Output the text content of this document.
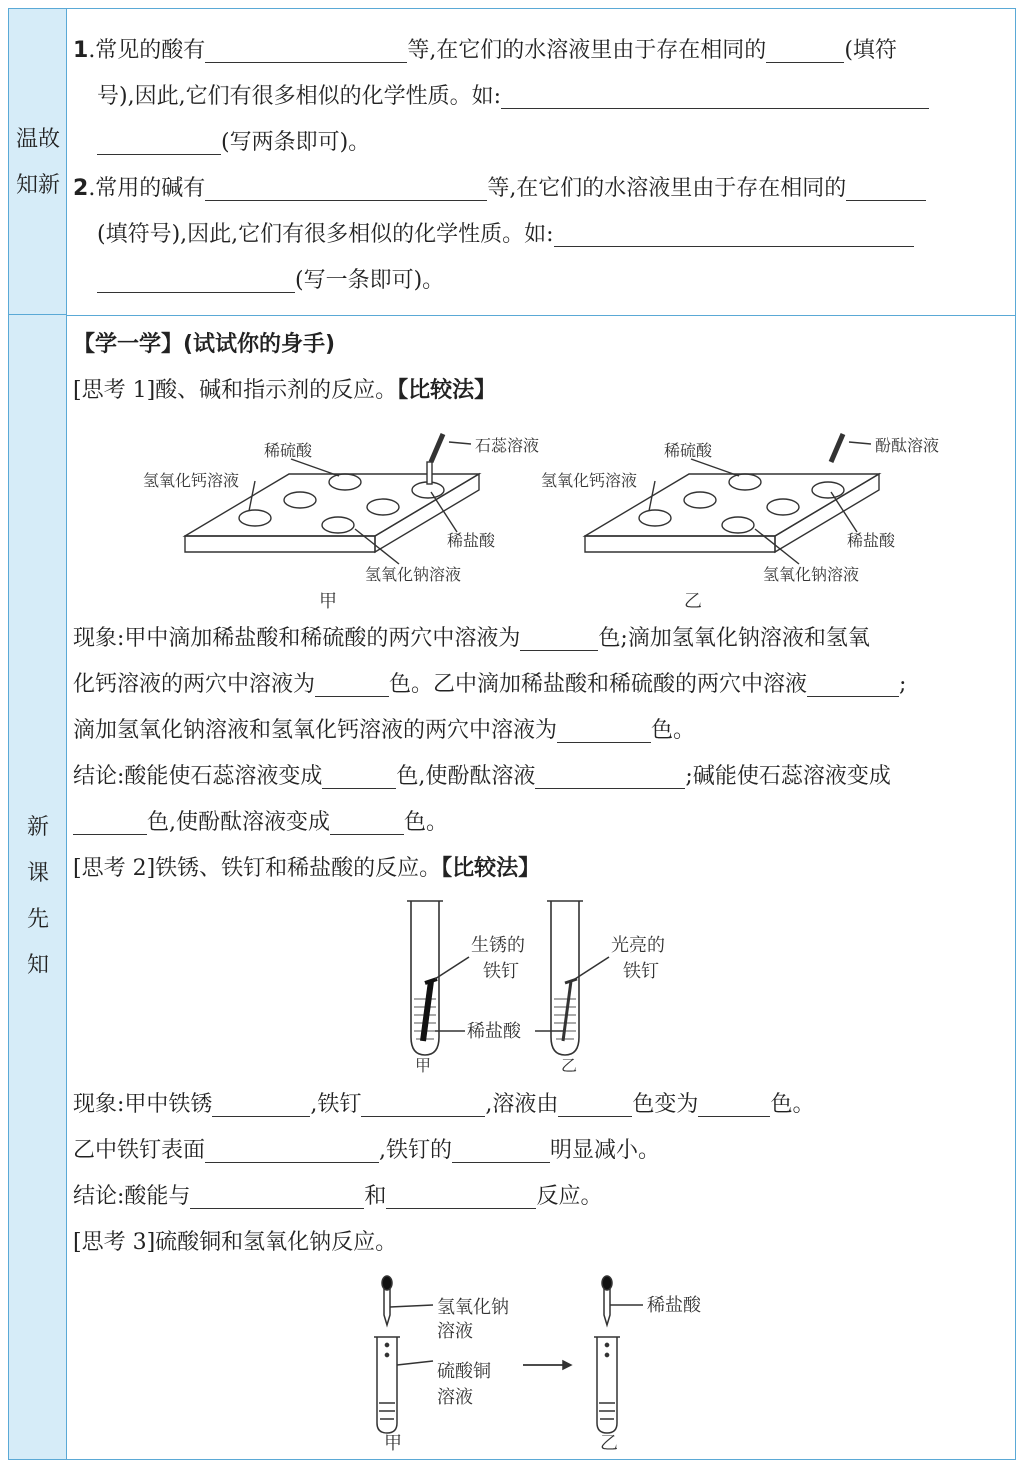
温故
知新
新
课
先
知
1.常见的酸有	等,在它们的水溶液里由于存在相同的	(填符
号),因此,它们有很多相似的化学性质。如:
(写两条即可)。
2.常用的碱有	等,在它们的水溶液里由于存在相同的
(填符号),因此,它们有很多相似的化学性质。如:
(写一条即可)。
【学一学】(试试你的身手)
[思考 1]酸、碱和指示剂的反应。【比较法】
稀硫酸	石蕊溶液
氢氧化钙溶液
稀盐酸
氢氧化钠溶液
甲
稀硫酸	酚酞溶液
氢氧化钙溶液
稀盐酸
氢氧化钠溶液
乙
现象:甲中滴加稀盐酸和稀硫酸的两穴中溶液为	色;滴加氢氧化钠溶液和氢氧
化钙溶液的两穴中溶液为	色。乙中滴加稀盐酸和稀硫酸的两穴中溶液	;
滴加氢氧化钠溶液和氢氧化钙溶液的两穴中溶液为	色。
结论:酸能使石蕊溶液变成	色,使酚酞溶液	;碱能使石蕊溶液变成
色,使酚酞溶液变成	色。
[思考 2]铁锈、铁钉和稀盐酸的反应。【比较法】
生锈的
铁钉
光亮的
铁钉
稀盐酸
甲	乙
现象:甲中铁锈	,铁钉	,溶液由	色变为	色。
乙中铁钉表面	,铁钉的	明显减小。
结论:酸能与	和	反应。
[思考 3]硫酸铜和氢氧化钠反应。
氢氧化钠
溶液
硫酸铜
溶液
稀盐酸
甲	乙
